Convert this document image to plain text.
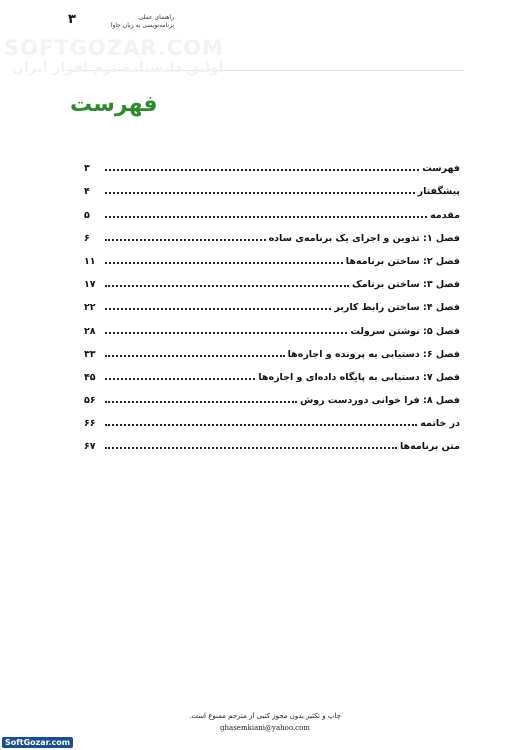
۳	راهنمای عملی
برنامه‌نویسی به زبان جاوا
SOFTGOZAR.COM
اولین دانشنامه نرم افزار ایران
فهرست
فهرست
۳
پیشگفتار
۴
مقدمه
۵
فصل ۱: تدوین و اجرای یک برنامه‌ی ساده
۶
فصل ۲: ساختن برنامه‌ها
۱۱
فصل ۳: ساختن برنامک
۱۷
فصل ۴: ساختن رابط کاربر
۲۲
فصل ۵: نوشتن سرولت
۲۸
فصل ۶: دستیابی به پرونده و اجازه‌ها
۳۳
فصل ۷: دستیابی به پایگاه داده‌ای و اجازه‌ها
۴۵
فصل ۸: فرا خوانی دوردست روش
۵۶
در خاتمه
۶۶
متن برنامه‌ها
۶۷
چاپ و تکثیر بدون مجوز کتبی از مترجم ممنوع است.
ghasemkiani@yahoo.com
SoftGozar.com
